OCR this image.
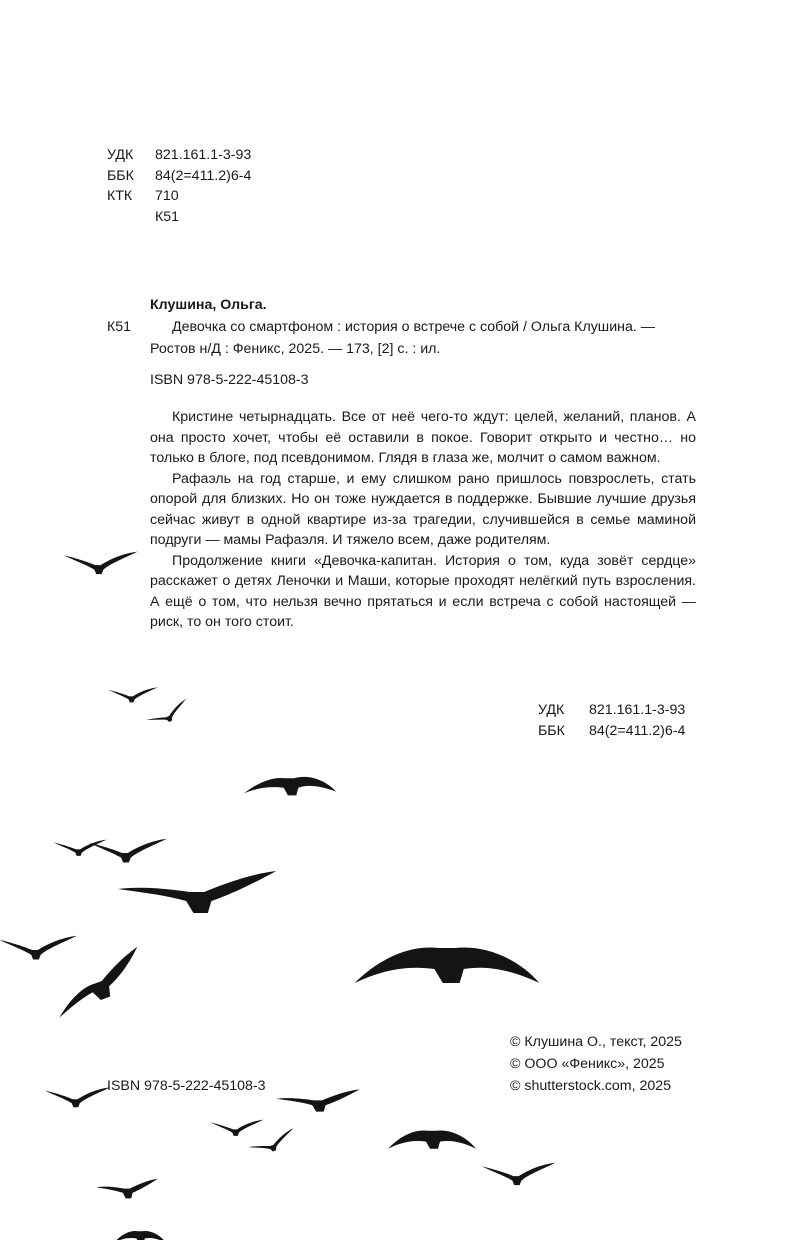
УДК	821.161.1-3-93
ББК	84(2=411.2)6-4
КТК	710
К51
Клушина, Ольга.
К51	Девочка со смартфоном : история о встрече с собой / Ольга Клушина. —
Ростов н/Д : Феникс, 2025. — 173, [2] с. : ил.
ISBN 978-5-222-45108-3

Кристине четырнадцать. Все от неё чего-то ждут: целей, желаний, планов. А она просто хочет, чтобы её оставили в покое. Говорит открыто и честно… но только в блоге, под псевдонимом. Глядя в глаза же, молчит о самом важном.

Рафаэль на год старше, и ему слишком рано пришлось повзрослеть, стать опорой для близких. Но он тоже нуждается в поддержке. Бывшие лучшие друзья сейчас живут в одной квартире из-за трагедии, случившейся в семье маминой подруги — мамы Рафаэля. И тяжело всем, даже родителям.

Продолжение книги «Девочка-капитан. История о том, куда зовёт сердце» расскажет о детях Леночки и Маши, которые проходят нелёгкий путь взросления. А ещё о том, что нельзя вечно прятаться и если встреча с собой настоящей — риск, то он того стоит.

УДК	821.161.1-3-93
ББК	84(2=411.2)6-4
© Клушина О., текст, 2025
© ООО «Феникс», 2025
© shutterstock.com, 2025
ISBN 978-5-222-45108-3
